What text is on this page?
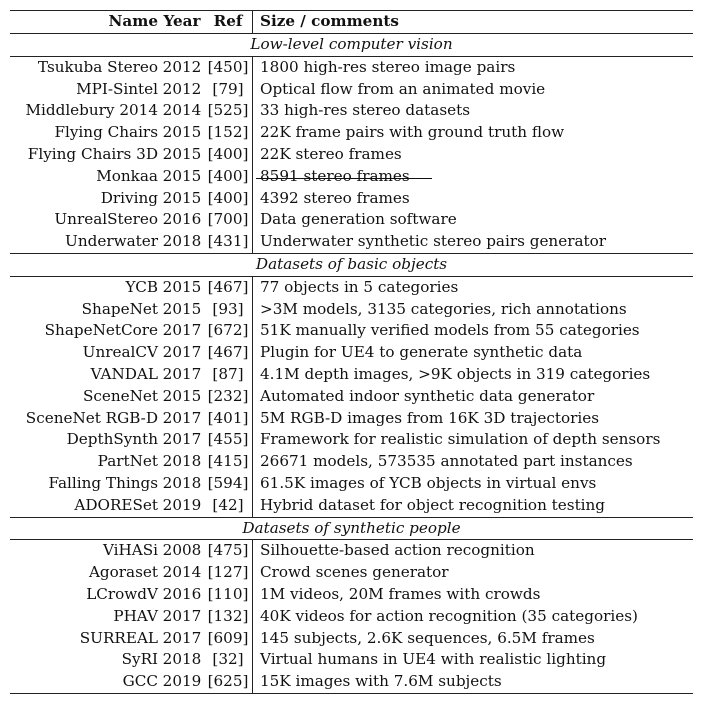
Name	Year	Ref	Size / comments
Low-level computer vision			
Tsukuba Stereo	2012	[450]	1800 high-res stereo image pairs
MPI-Sintel	2012	[79]	Optical flow from an animated movie
Middlebury 2014	2014	[525]	33 high-res stereo datasets
Flying Chairs	2015	[152]	22K frame pairs with ground truth flow
Flying Chairs 3D	2015	[400]	22K stereo frames
Monkaa	2015	[400]	8591 stereo frames

Driving	2015	[400]	4392 stereo frames
UnrealStereo	2016	[700]	Data generation software
Underwater	2018	[431]	Underwater synthetic stereo pairs generator
Datasets of basic objects			
YCB	2015	[467]	77 objects in 5 categories
ShapeNet	2015	[93]	>3M models, 3135 categories, rich annotations
ShapeNetCore	2017	[672]	51K manually verified models from 55 categories
UnrealCV	2017	[467]	Plugin for UE4 to generate synthetic data
VANDAL	2017	[87]	4.1M depth images, >9K objects in 319 categories
SceneNet	2015	[232]	Automated indoor synthetic data generator
SceneNet RGB-D	2017	[401]	5M RGB-D images from 16K 3D trajectories
DepthSynth	2017	[455]	Framework for realistic simulation of depth sensors
PartNet	2018	[415]	26671 models, 573535 annotated part instances
Falling Things	2018	[594]	61.5K images of YCB objects in virtual envs
ADORESet	2019	[42]	Hybrid dataset for object recognition testing
Datasets of synthetic people			
ViHASi	2008	[475]	Silhouette-based action recognition
Agoraset	2014	[127]	Crowd scenes generator
LCrowdV	2016	[110]	1M videos, 20M frames with crowds
PHAV	2017	[132]	40K videos for action recognition (35 categories)
SURREAL	2017	[609]	145 subjects, 2.6K sequences, 6.5M frames
SyRI	2018	[32]	Virtual humans in UE4 with realistic lighting
GCC	2019	[625]	15K images with 7.6M subjects
